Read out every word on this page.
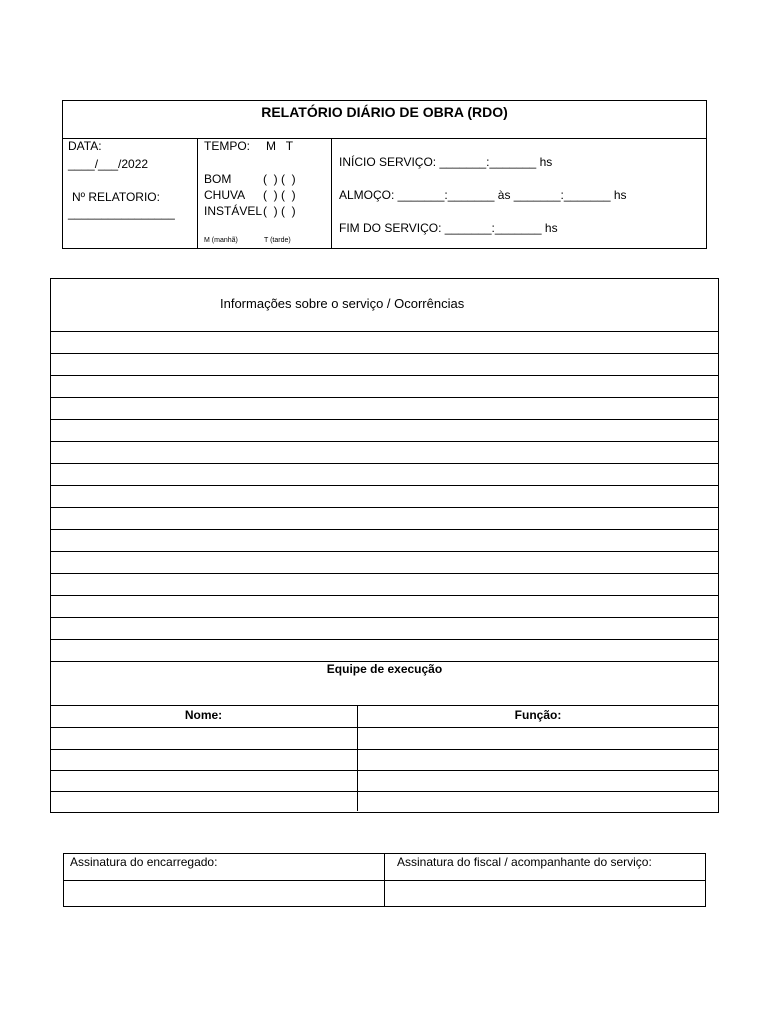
RELATÓRIO DIÁRIO DE OBRA (RDO)
DATA:
____/___/2022
Nº RELATORIO:
________________
TEMPO: M   T
BOM	(  ) (  )
CHUVA (  ) (  )
INSTÁVEL (  ) (  )
M (manhã)	T (tarde)
INÍCIO SERVIÇO: _______:_______ hs
ALMOÇO: _______:_______ às _______:_______ hs
FIM DO SERVIÇO: _______:_______ hs
Informações sobre o serviço / Ocorrências
Equipe de execução
Nome:	Função:
Assinatura do encarregado:	Assinatura do fiscal / acompanhante do serviço:
